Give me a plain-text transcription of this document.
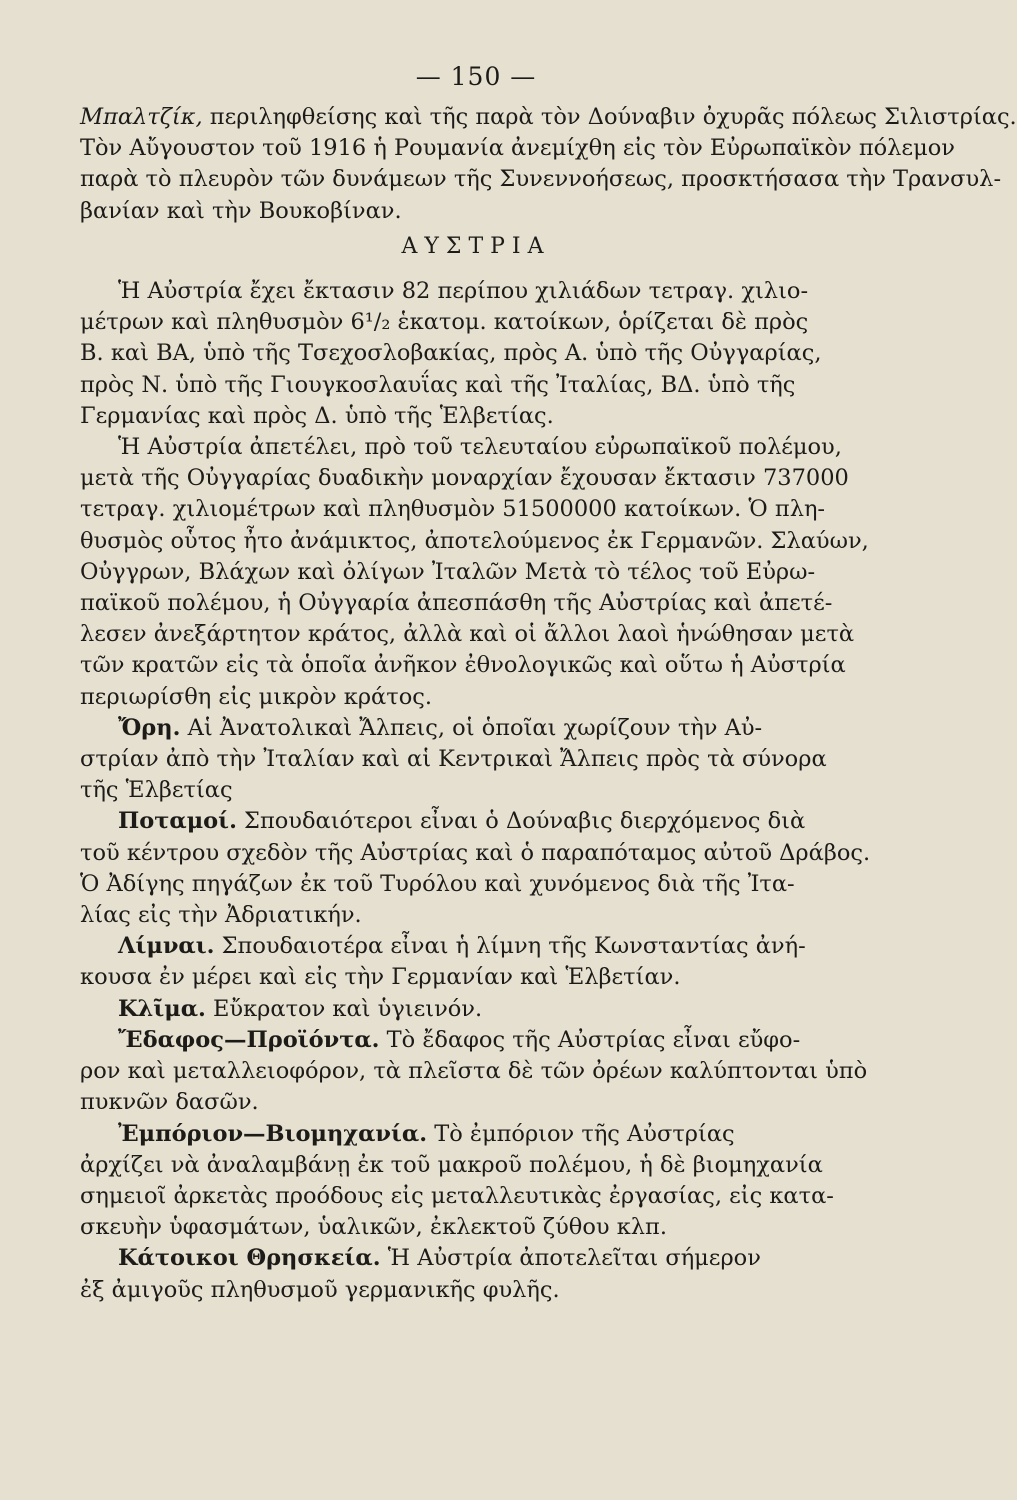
— 150 —
Μπαλτζίκ, περιληφθείσης καὶ τῆς παρὰ τὸν Δούναβιν ὀχυρᾶς πόλεως Σιλιστρίας.
Τὸν Αὔγουστον τοῦ 1916 ἡ Ρουμανία ἀνεμίχθη εἰς τὸν Εὐρωπαϊκὸν πόλεμον
παρὰ τὸ πλευρὸν τῶν δυνάμεων τῆς Συνεννοήσεως, προσκτήσασα τὴν Τρανσυλ-
βανίαν καὶ τὴν Βουκοβίναν.
ΑΥΣΤΡΙΑ
Ἡ Αὐστρία ἔχει ἔκτασιν 82 περίπου χιλιάδων τετραγ. χιλιο-
μέτρων καὶ πληθυσμὸν 6¹/₂ ἑκατομ. κατοίκων, ὁρίζεται δὲ πρὸς
Β. καὶ ΒΑ, ὑπὸ τῆς Τσεχοσλοβακίας, πρὸς Α. ὑπὸ τῆς Οὐγγαρίας,
πρὸς Ν. ὑπὸ τῆς Γιουγκοσλαυΐας καὶ τῆς Ἰταλίας, ΒΔ. ὑπὸ τῆς
Γερμανίας καὶ πρὸς Δ. ὑπὸ τῆς Ἑλβετίας.
Ἡ Αὐστρία ἀπετέλει, πρὸ τοῦ τελευταίου εὐρωπαϊκοῦ πολέμου,
μετὰ τῆς Οὐγγαρίας δυαδικὴν μοναρχίαν ἔχουσαν ἔκτασιν 737000
τετραγ. χιλιομέτρων καὶ πληθυσμὸν 51500000 κατοίκων. Ὁ πλη-
θυσμὸς οὗτος ἦτο ἀνάμικτος, ἀποτελούμενος ἐκ Γερμανῶν. Σλαύων,
Οὐγγρων, Βλάχων καὶ ὀλίγων Ἰταλῶν Μετὰ τὸ τέλος τοῦ Εὐρω-
παϊκοῦ πολέμου, ἡ Οὐγγαρία ἀπεσπάσθη τῆς Αὐστρίας καὶ ἀπετέ-
λεσεν ἀνεξάρτητον κράτος, ἀλλὰ καὶ οἱ ἄλλοι λαοὶ ἡνώθησαν μετὰ
τῶν κρατῶν εἰς τὰ ὁποῖα ἀνῆκον ἐθνολογικῶς καὶ οὕτω ἡ Αὐστρία
περιωρίσθη εἰς μικρὸν κράτος.
Ὄρη. Αἱ Ἀνατολικαὶ Ἄλπεις, οἱ ὁποῖαι χωρίζουν τὴν Αὐ-
στρίαν ἀπὸ τὴν Ἰταλίαν καὶ αἱ Κεντρικαὶ Ἄλπεις πρὸς τὰ σύνορα
τῆς Ἑλβετίας
Ποταμοί. Σπουδαιότεροι εἶναι ὁ Δούναβις διερχόμενος διὰ
τοῦ κέντρου σχεδὸν τῆς Αὐστρίας καὶ ὁ παραπόταμος αὐτοῦ Δράβος.
Ὁ Ἀδίγης πηγάζων ἐκ τοῦ Τυρόλου καὶ χυνόμενος διὰ τῆς Ἰτα-
λίας εἰς τὴν Ἀδριατικήν.
Λίμναι. Σπουδαιοτέρα εἶναι ἡ λίμνη τῆς Κωνσταντίας ἀνή-
κουσα ἐν μέρει καὶ εἰς τὴν Γερμανίαν καὶ Ἑλβετίαν.
Κλῖμα. Εὔκρατον καὶ ὑγιεινόν.
Ἔδαφος—Προϊόντα. Τὸ ἔδαφος τῆς Αὐστρίας εἶναι εὔφο-
ρον καὶ μεταλλειοφόρον, τὰ πλεῖστα δὲ τῶν ὀρέων καλύπτονται ὑπὸ
πυκνῶν δασῶν.
Ἐμπόριον—Βιομηχανία. Τὸ ἐμπόριον τῆς Αὐστρίας
ἀρχίζει νὰ ἀναλαμβάνῃ ἐκ τοῦ μακροῦ πολέμου, ἡ δὲ βιομηχανία
σημειοῖ ἀρκετὰς προόδους εἰς μεταλλευτικὰς ἐργασίας, εἰς κατα-
σκευὴν ὑφασμάτων, ὑαλικῶν, ἐκλεκτοῦ ζύθου κλπ.
Κάτοικοι Θρησκεία. Ἡ Αὐστρία ἀποτελεῖται σήμερον
ἐξ ἀμιγοῦς πληθυσμοῦ γερμανικῆς φυλῆς.
